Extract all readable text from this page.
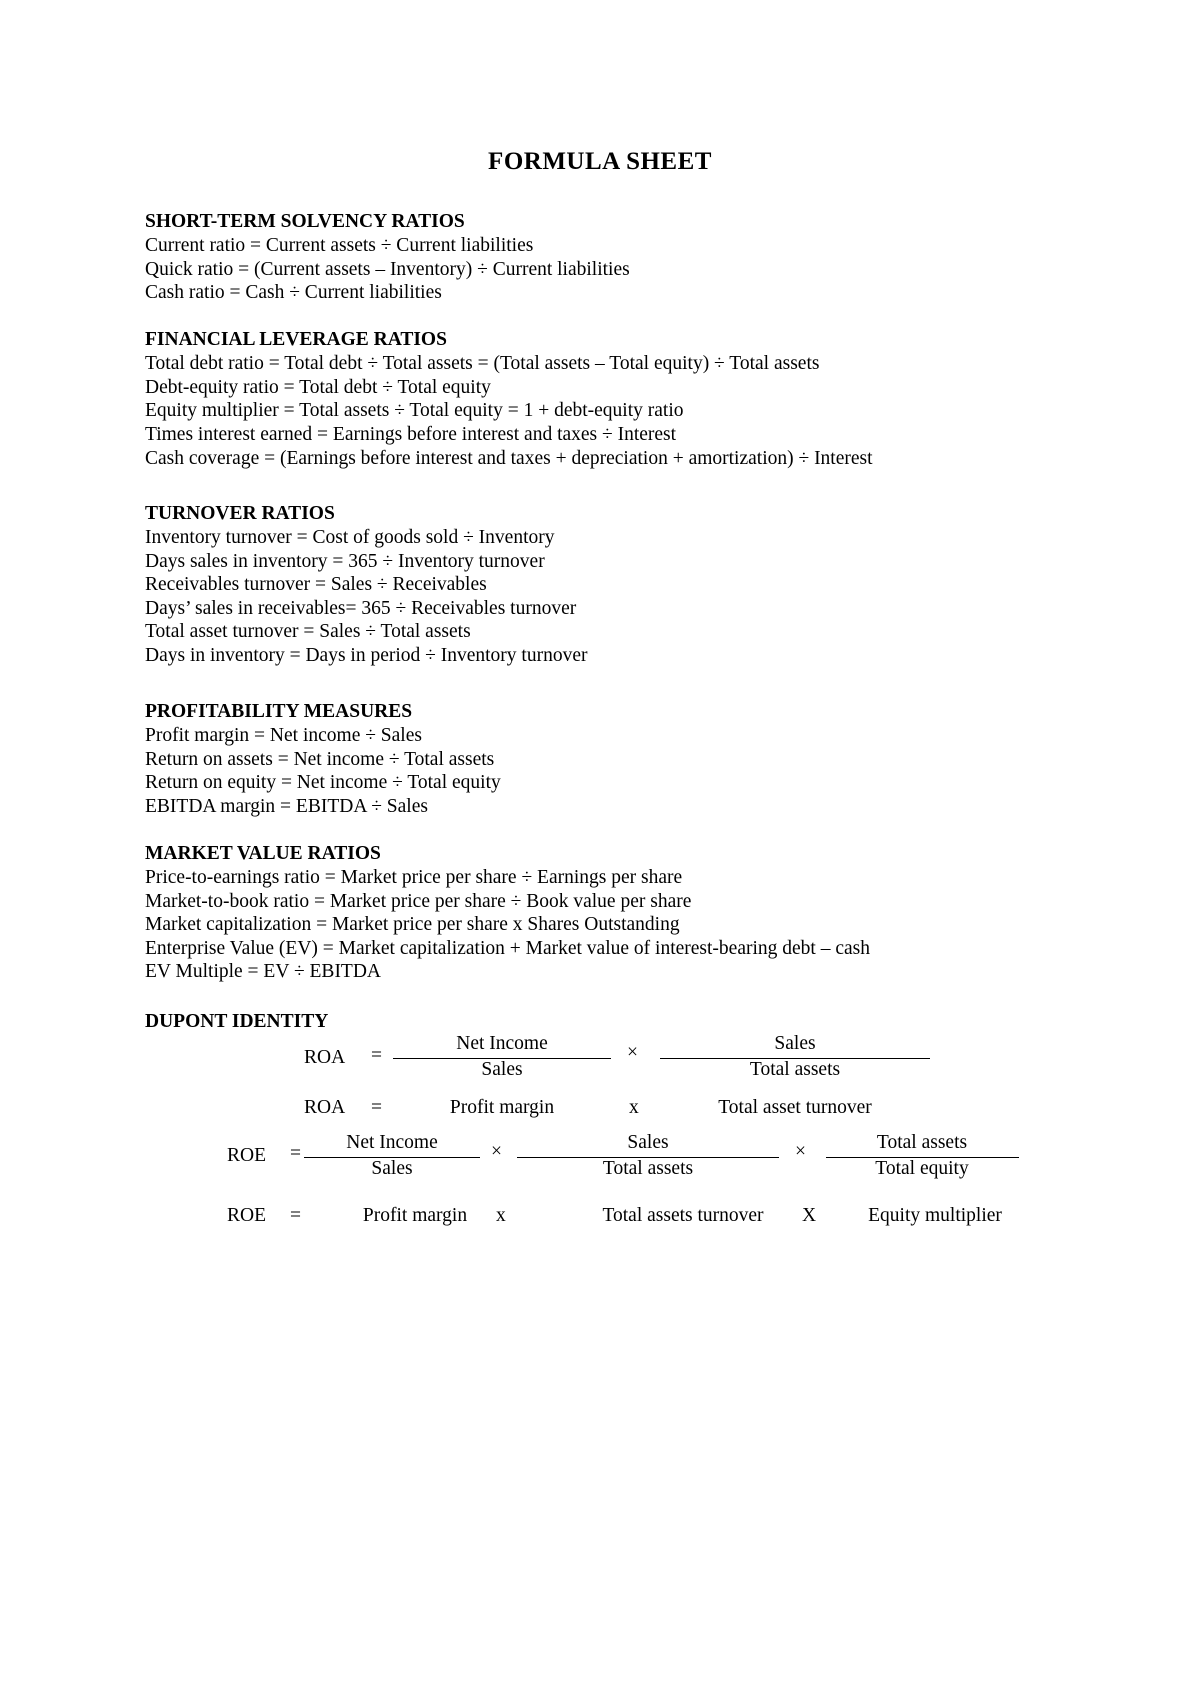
FORMULA SHEET
SHORT-TERM SOLVENCY RATIOS
Current ratio = Current assets ÷ Current liabilities
Quick ratio = (Current assets – Inventory) ÷ Current liabilities
Cash ratio = Cash ÷ Current liabilities
FINANCIAL LEVERAGE RATIOS
Total debt ratio = Total debt ÷ Total assets = (Total assets – Total equity) ÷ Total assets
Debt-equity ratio = Total debt ÷ Total equity
Equity multiplier = Total assets ÷ Total equity = 1 + debt-equity ratio
Times interest earned = Earnings before interest and taxes ÷ Interest
Cash coverage = (Earnings before interest and taxes + depreciation + amortization) ÷ Interest
TURNOVER RATIOS
Inventory turnover = Cost of goods sold ÷ Inventory
Days sales in inventory = 365 ÷ Inventory turnover
Receivables turnover = Sales ÷ Receivables
Days’ sales in receivables= 365 ÷ Receivables turnover
Total asset turnover = Sales ÷ Total assets
Days in inventory = Days in period ÷ Inventory turnover
PROFITABILITY MEASURES
Profit margin = Net income ÷ Sales
Return on assets = Net income ÷ Total assets
Return on equity = Net income ÷ Total equity
EBITDA margin = EBITDA ÷ Sales
MARKET VALUE RATIOS
Price-to-earnings ratio = Market price per share ÷ Earnings per share
Market-to-book ratio = Market price per share ÷ Book value per share
Market capitalization = Market price per share x Shares Outstanding
Enterprise Value (EV) = Market capitalization + Market value of interest-bearing debt – cash
EV Multiple = EV ÷ EBITDA
DUPONT IDENTITY
ROA =
Net Income
Sales
×	Sales
Total assets
ROA =	Profit margin	x	Total asset turnover
ROE =
Net Income
Sales
×	Sales
Total assets
×	Total assets
Total equity
ROE =	Profit margin x	Total assets turnover X	Equity multiplier
